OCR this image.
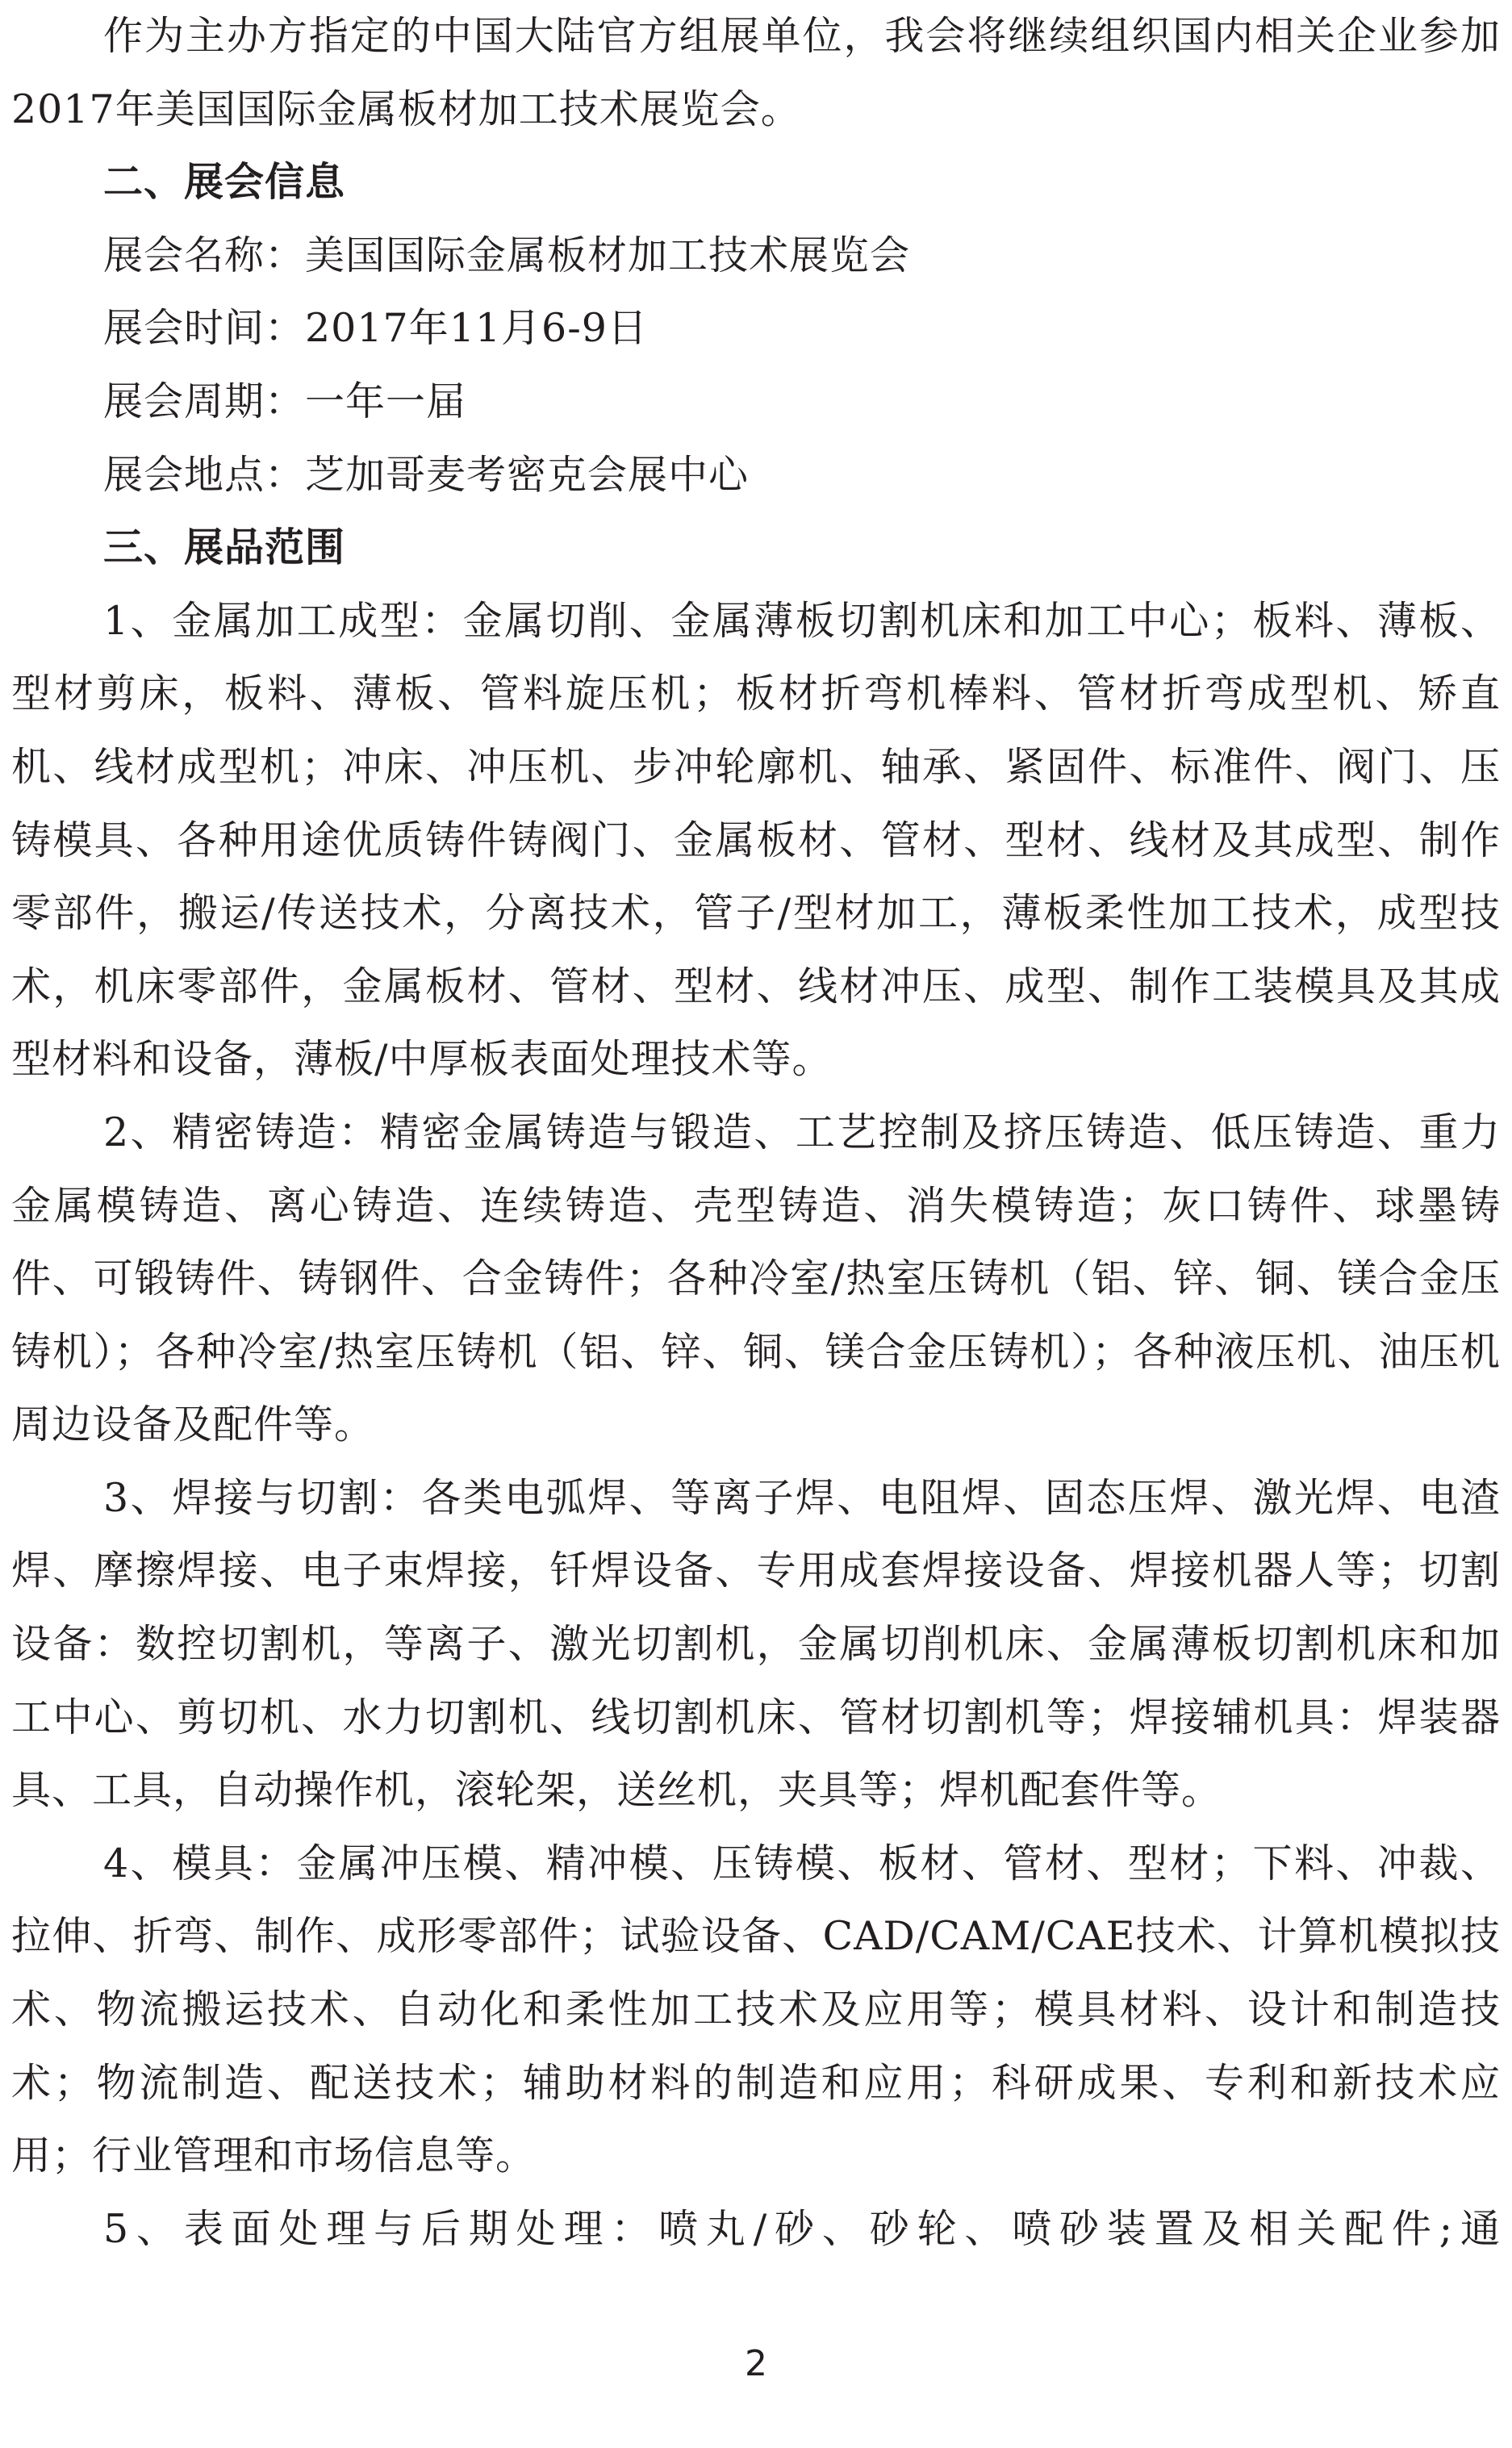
作为主办方指定的中国大陆官方组展单位，我会将继续组织国内相关企业参加2017年美国国际金属板材加工技术展览会。

二、展会信息

展会名称：美国国际金属板材加工技术展览会

展会时间：2017年11月6-9日

展会周期：一年一届

展会地点：芝加哥麦考密克会展中心

三、展品范围

1、金属加工成型：金属切削、金属薄板切割机床和加工中心；板料、薄板、型材剪床，板料、薄板、管料旋压机；板材折弯机棒料、管材折弯成型机、矫直机、线材成型机；冲床、冲压机、步冲轮廓机、轴承、紧固件、标准件、阀门、压铸模具、各种用途优质铸件铸阀门、金属板材、管材、型材、线材及其成型、制作零部件，搬运/传送技术，分离技术，管子/型材加工，薄板柔性加工技术，成型技术，机床零部件，金属板材、管材、型材、线材冲压、成型、制作工装模具及其成型材料和设备，薄板/中厚板表面处理技术等。

2、精密铸造：精密金属铸造与锻造、工艺控制及挤压铸造、低压铸造、重力金属模铸造、离心铸造、连续铸造、壳型铸造、消失模铸造；灰口铸件、球墨铸件、可锻铸件、铸钢件、合金铸件；各种冷室/热室压铸机（铝、锌、铜、镁合金压铸机）；各种冷室/热室压铸机（铝、锌、铜、镁合金压铸机）；各种液压机、油压机周边设备及配件等。

3、焊接与切割：各类电弧焊、等离子焊、电阻焊、固态压焊、激光焊、电渣焊、摩擦焊接、电子束焊接，钎焊设备、专用成套焊接设备、焊接机器人等；切割设备：数控切割机，等离子、激光切割机，金属切削机床、金属薄板切割机床和加工中心、剪切机、水力切割机、线切割机床、管材切割机等；焊接辅机具：焊装器具、工具，自动操作机，滚轮架，送丝机，夹具等；焊机配套件等。

4、模具：金属冲压模、精冲模、压铸模、板材、管材、型材；下料、冲裁、拉伸、折弯、制作、成形零部件；试验设备、CAD/CAM/CAE技术、计算机模拟技术、物流搬运技术、自动化和柔性加工技术及应用等；模具材料、设计和制造技术；物流制造、配送技术；辅助材料的制造和应用；科研成果、专利和新技术应用；行业管理和市场信息等。

5、表面处理与后期处理：喷丸/砂、砂轮、喷砂装置及相关配件;通

2
